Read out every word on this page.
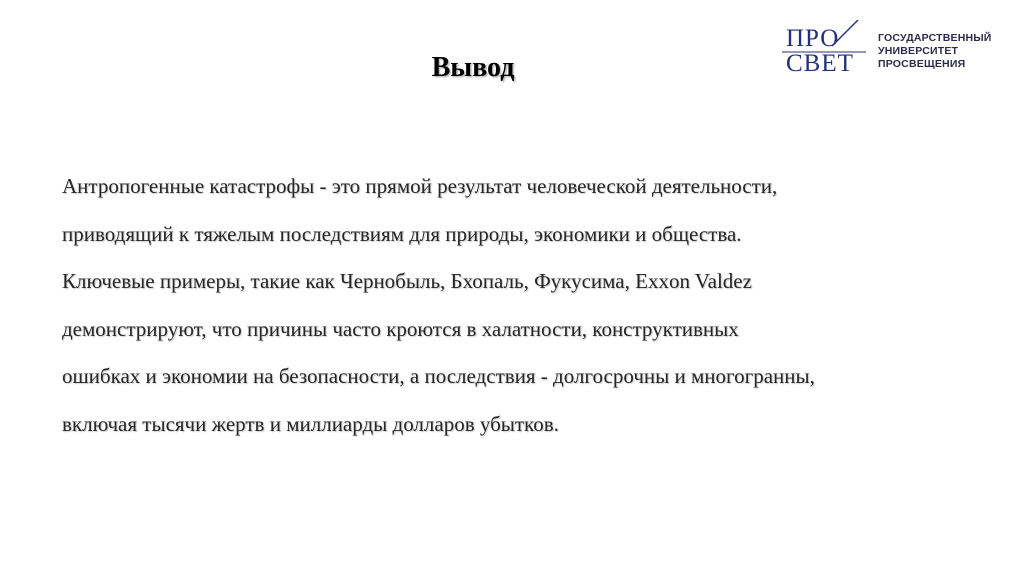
ПРО
СВЕТ
ГОСУДАРСТВЕННЫЙ
УНИВЕРСИТЕТ
ПРОСВЕЩЕНИЯ
Вывод
Антропогенные катастрофы - это прямой результат человеческой деятельности,
приводящий к тяжелым последствиям для природы, экономики и общества.
Ключевые примеры, такие как Чернобыль, Бхопаль, Фукусима, Exxon Valdez
демонстрируют, что причины часто кроются в халатности, конструктивных
ошибках и экономии на безопасности, а последствия - долгосрочны и многогранны,
включая тысячи жертв и миллиарды долларов убытков.
